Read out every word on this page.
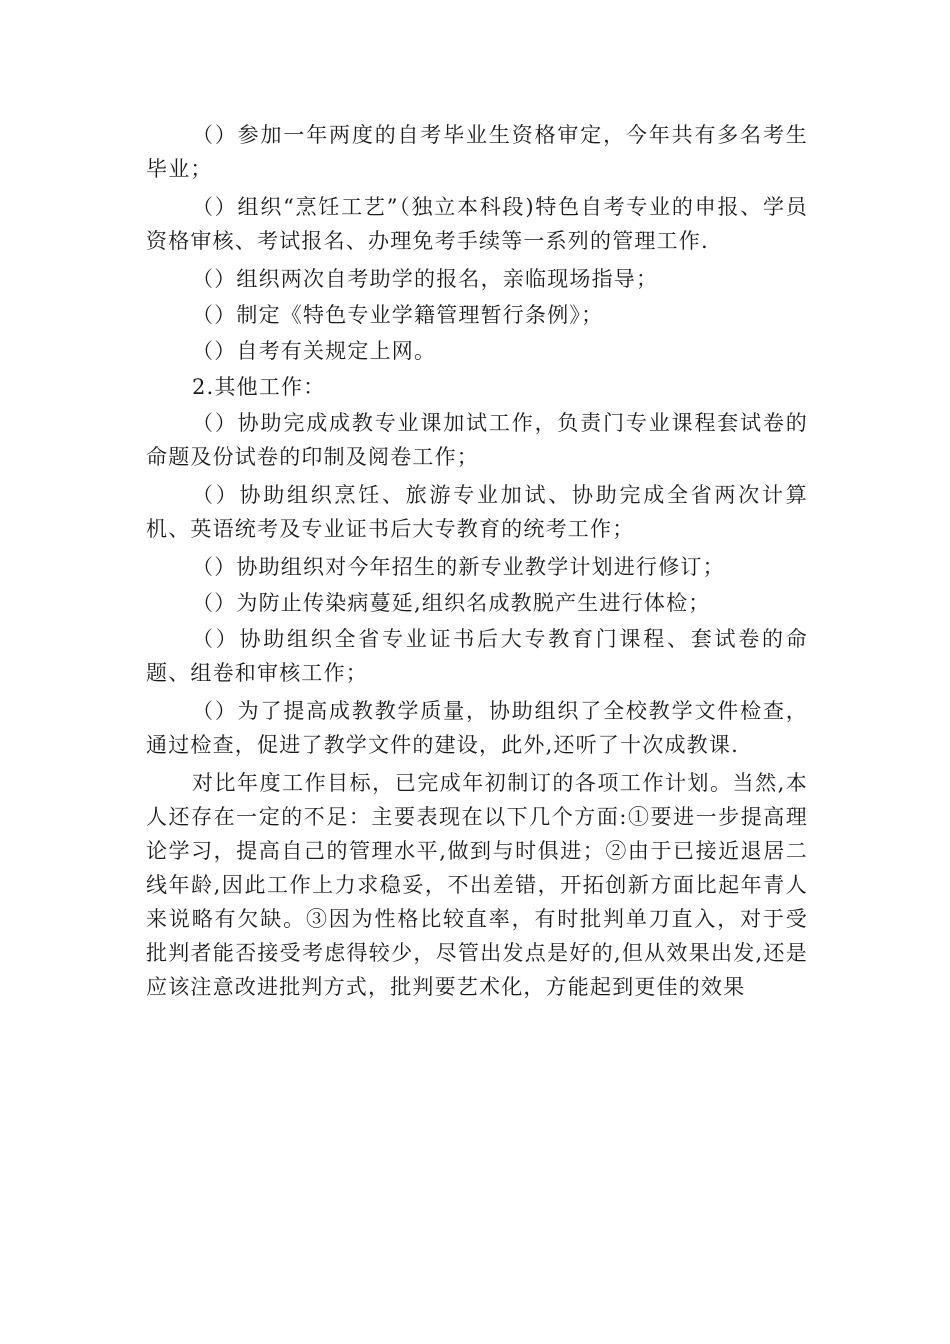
（）参加一年两度的自考毕业生资格审定，今年共有多名考生毕业；

（）组织“烹饪工艺”（独立本科段)特色自考专业的申报、学员资格审核、考试报名、办理免考手续等一系列的管理工作.

（）组织两次自考助学的报名，亲临现场指导；

（）制定《特色专业学籍管理暂行条例》；

（）自考有关规定上网。

2.其他工作：

（）协助完成成教专业课加试工作，负责门专业课程套试卷的命题及份试卷的印制及阅卷工作；

（）协助组织烹饪、旅游专业加试、协助完成全省两次计算机、英语统考及专业证书后大专教育的统考工作；

（）协助组织对今年招生的新专业教学计划进行修订；

（）为防止传染病蔓延,组织名成教脱产生进行体检；

（）协助组织全省专业证书后大专教育门课程、套试卷的命题、组卷和审核工作；

（）为了提高成教教学质量，协助组织了全校教学文件检查，通过检查，促进了教学文件的建设，此外,还听了十次成教课.

对比年度工作目标，已完成年初制订的各项工作计划。当然,本人还存在一定的不足：主要表现在以下几个方面:①要进一步提高理论学习，提高自己的管理水平,做到与时俱进；②由于已接近退居二线年龄,因此工作上力求稳妥，不出差错，开拓创新方面比起年青人来说略有欠缺。③因为性格比较直率，有时批判单刀直入，对于受批判者能否接受考虑得较少，尽管出发点是好的,但从效果出发,还是应该注意改进批判方式，批判要艺术化，方能起到更佳的效果
